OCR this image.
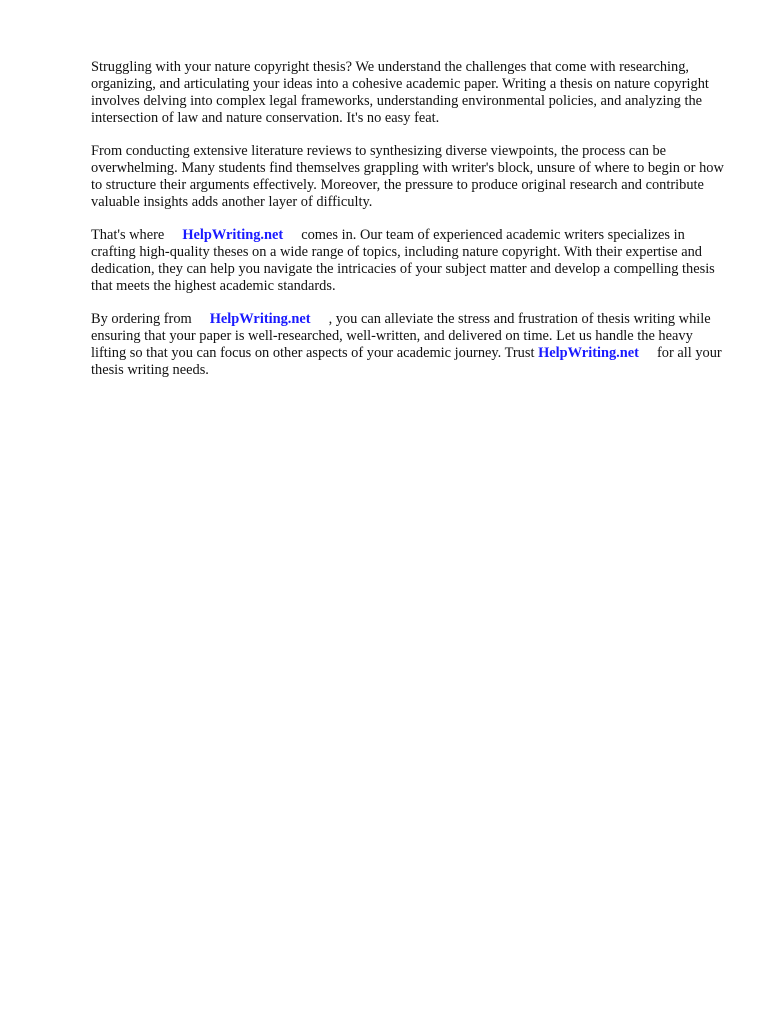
Struggling with your nature copyright thesis? We understand the challenges that come with researching, organizing, and articulating your ideas into a cohesive academic paper. Writing a thesis on nature copyright involves delving into complex legal frameworks, understanding environmental policies, and analyzing the intersection of law and nature conservation. It's no easy feat.

From conducting extensive literature reviews to synthesizing diverse viewpoints, the process can be overwhelming. Many students find themselves grappling with writer's block, unsure of where to begin or how to structure their arguments effectively. Moreover, the pressure to produce original research and contribute valuable insights adds another layer of difficulty.

That's where HelpWriting.net comes in. Our team of experienced academic writers specializes in crafting high-quality theses on a wide range of topics, including nature copyright. With their expertise and dedication, they can help you navigate the intricacies of your subject matter and develop a compelling thesis that meets the highest academic standards.

By ordering from HelpWriting.net , you can alleviate the stress and frustration of thesis writing while ensuring that your paper is well-researched, well-written, and delivered on time. Let us handle the heavy lifting so that you can focus on other aspects of your academic journey. Trust HelpWriting.net for all your thesis writing needs.
